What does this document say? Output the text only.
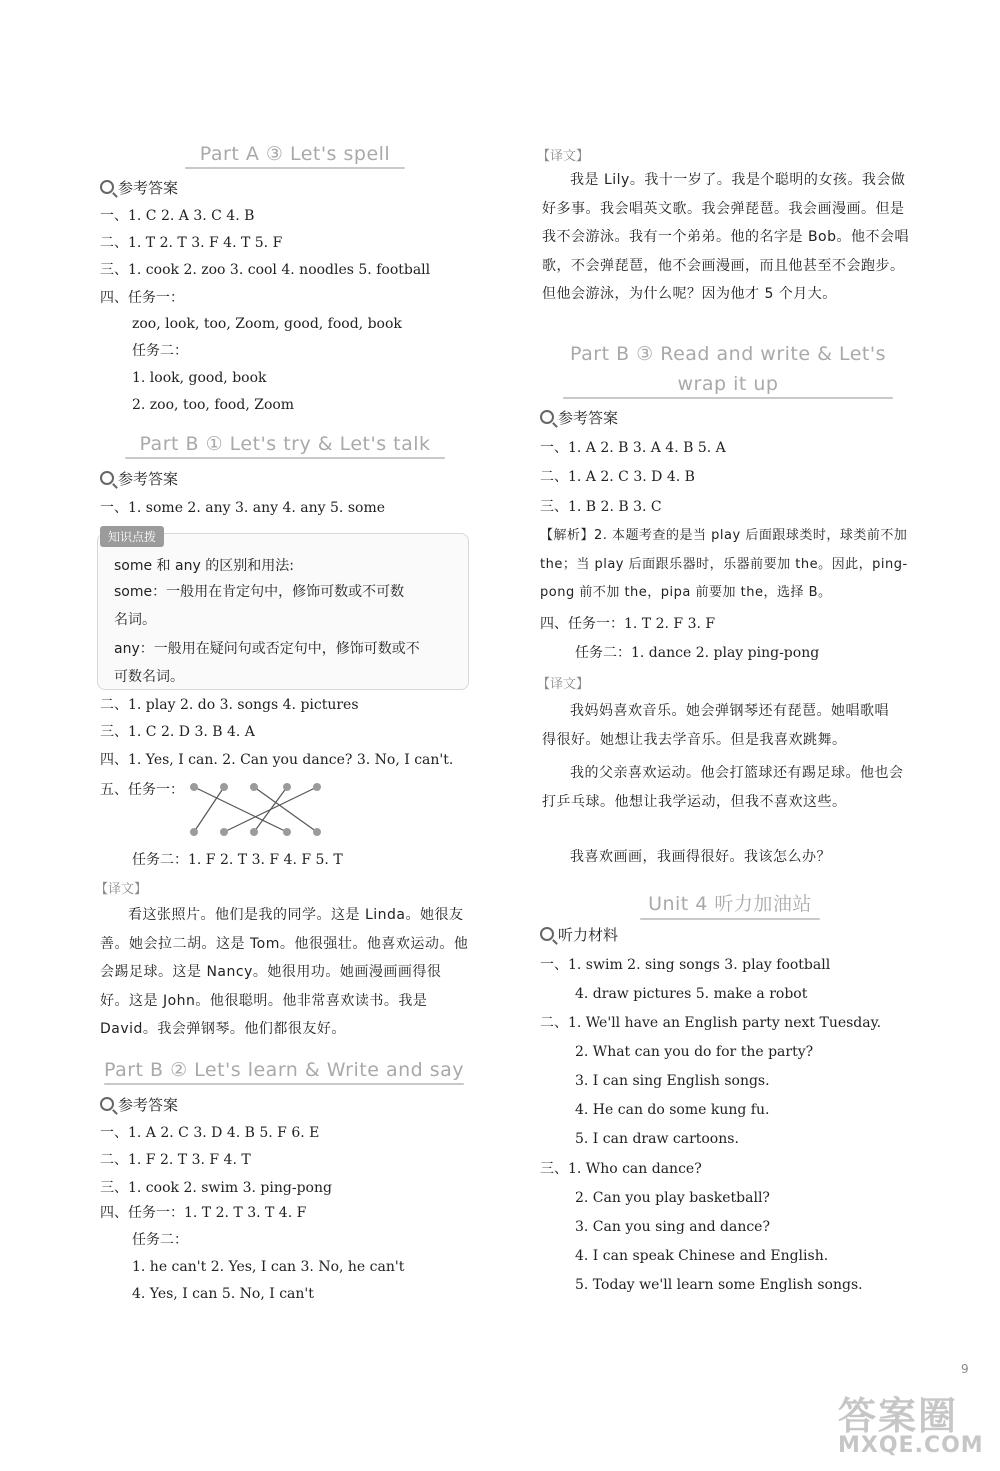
Part A ③ Let's spell
参考答案
一、1. C 2. A 3. C 4. B
二、1. T 2. T 3. F 4. T 5. F
三、1. cook 2. zoo 3. cool 4. noodles 5. football
四、任务一：
zoo, look, too, Zoom, good, food, book
任务二：
1. look, good, book
2. zoo, too, food, Zoom
Part B ① Let's try & Let's talk
参考答案
一、1. some 2. any 3. any 4. any 5. some
知识点拨
some 和 any 的区别和用法:
some：一般用在肯定句中，修饰可数或不可数
名词。
any：一般用在疑问句或否定句中，修饰可数或不
可数名词。
二、1. play 2. do 3. songs 4. pictures
三、1. C 2. D 3. B 4. A
四、1. Yes, I can. 2. Can you dance? 3. No, I can't.
五、任务一：
任务二：1. F 2. T 3. F 4. F 5. T
【译文】
看这张照片。他们是我的同学。这是 Linda。她很友善。她会拉二胡。这是 Tom。他很强壮。他喜欢运动。他会踢足球。这是 Nancy。她很用功。她画漫画画得很好。这是 John。他很聪明。他非常喜欢读书。我是 David。我会弹钢琴。他们都很友好。
Part B ② Let's learn & Write and say
参考答案
一、1. A 2. C 3. D 4. B 5. F 6. E
二、1. F 2. T 3. F 4. T
三、1. cook 2. swim 3. ping-pong
四、任务一：1. T 2. T 3. T 4. F
任务二：
1. he can't 2. Yes, I can 3. No, he can't
4. Yes, I can 5. No, I can't
【译文】
我是 Lily。我十一岁了。我是个聪明的女孩。我会做好多事。我会唱英文歌。我会弹琵琶。我会画漫画。但是我不会游泳。我有一个弟弟。他的名字是 Bob。他不会唱歌，不会弹琵琶，他不会画漫画，而且他甚至不会跑步。但他会游泳，为什么呢？因为他才 5 个月大。
Part B ③ Read and write & Let's
wrap it up
参考答案
一、1. A 2. B 3. A 4. B 5. A
二、1. A 2. C 3. D 4. B
三、1. B 2. B 3. C
【解析】2. 本题考查的是当 play 后面跟球类时，球类前不加 the；当 play 后面跟乐器时，乐器前要加 the。因此，ping-pong 前不加 the，pipa 前要加 the，选择 B。
四、任务一：1. T 2. F 3. F
任务二：1. dance 2. play ping-pong
【译文】
我妈妈喜欢音乐。她会弹钢琴还有琵琶。她唱歌唱得很好。她想让我去学音乐。但是我喜欢跳舞。
我的父亲喜欢运动。他会打篮球还有踢足球。他也会打乒乓球。他想让我学运动，但我不喜欢这些。
我喜欢画画，我画得很好。我该怎么办？
Unit 4 听力加油站
听力材料
一、1. swim 2. sing songs 3. play football
4. draw pictures 5. make a robot
二、1. We'll have an English party next Tuesday.
2. What can you do for the party?
3. I can sing English songs.
4. He can do some kung fu.
5. I can draw cartoons.
三、1. Who can dance?
2. Can you play basketball?
3. Can you sing and dance?
4. I can speak Chinese and English.
5. Today we'll learn some English songs.
9
答案圈
MXQE.COM
